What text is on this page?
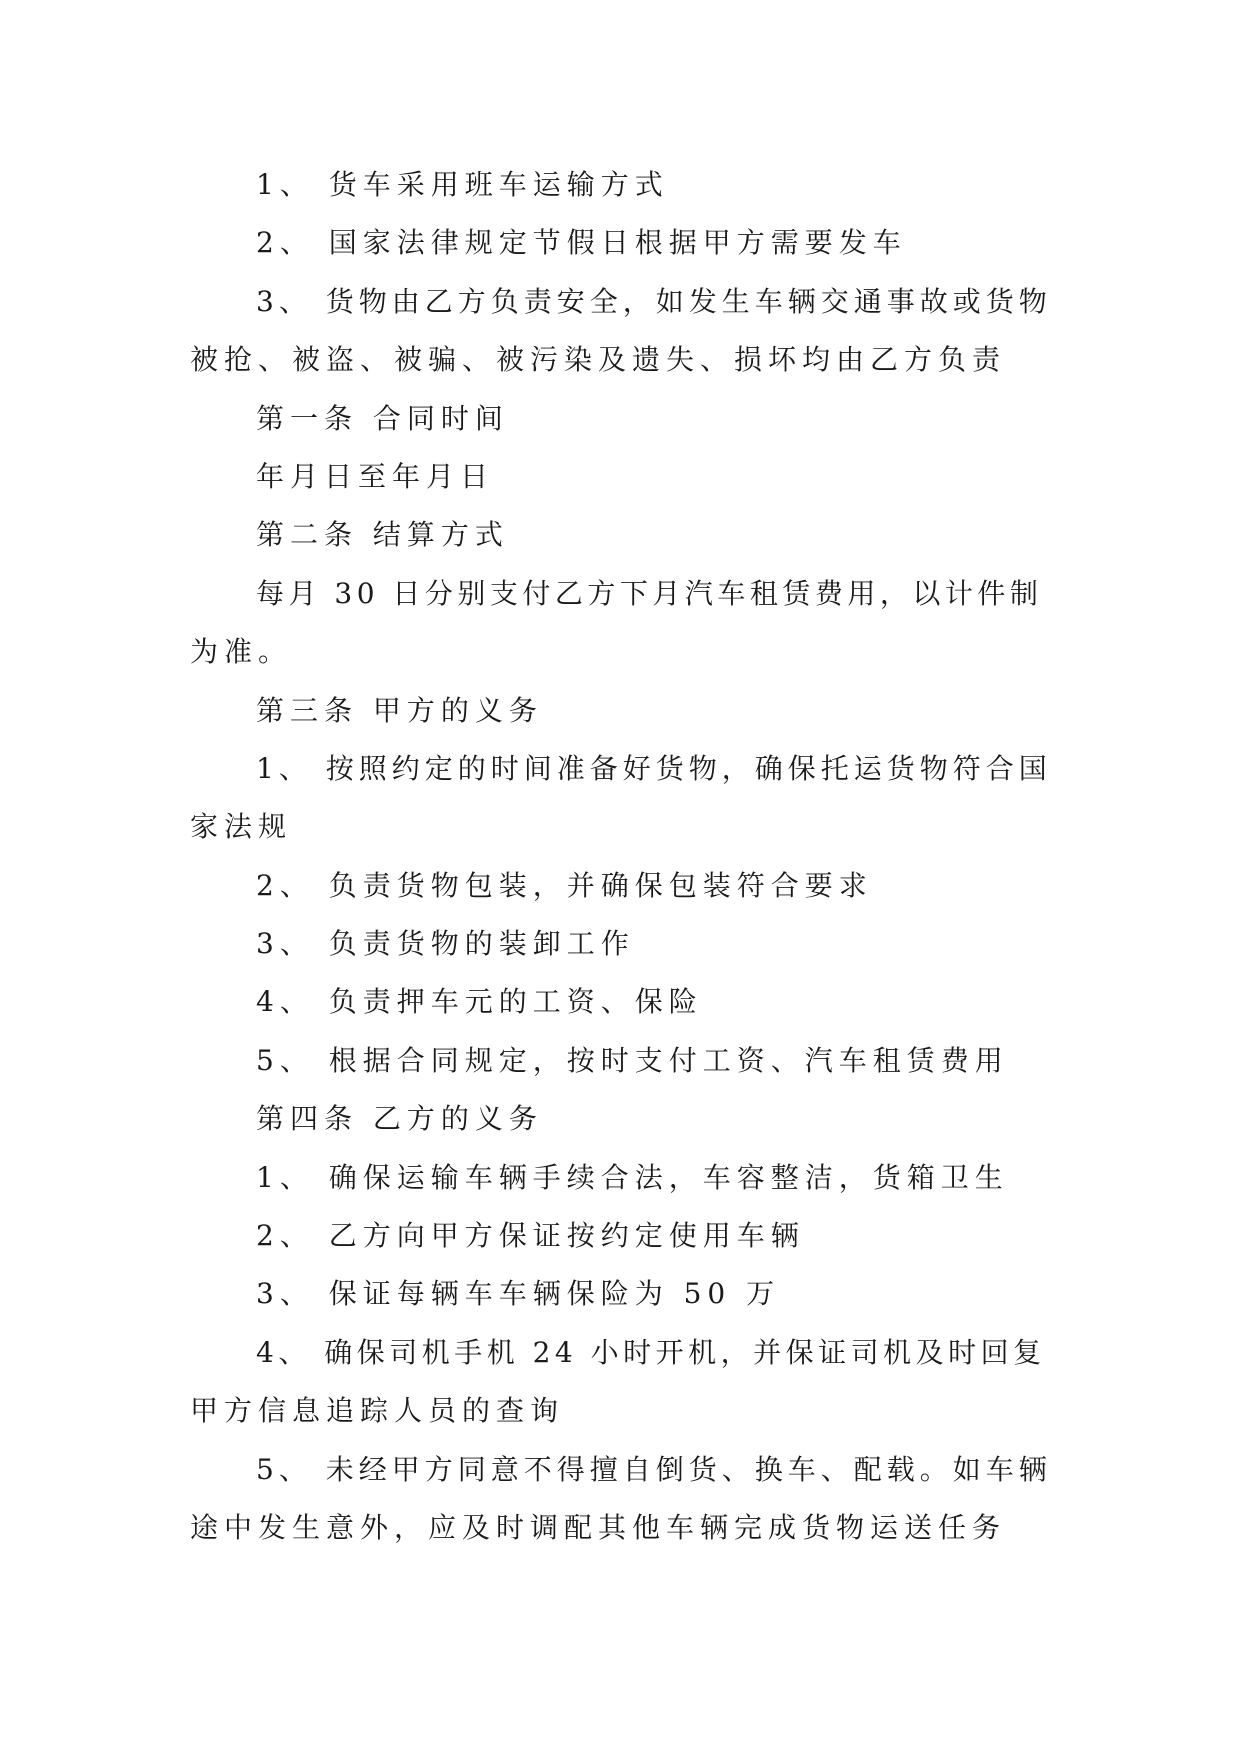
1、 货车采用班车运输方式

2、 国家法律规定节假日根据甲方需要发车

3、 货物由乙方负责安全，如发生车辆交通事故或货物

被抢、被盗、被骗、被污染及遗失、损坏均由乙方负责

第一条 合同时间

年月日至年月日

第二条 结算方式

每月 30 日分别支付乙方下月汽车租赁费用，以计件制

为准。

第三条 甲方的义务

1、 按照约定的时间准备好货物，确保托运货物符合国

家法规

2、 负责货物包装，并确保包装符合要求

3、 负责货物的装卸工作

4、 负责押车元的工资、保险

5、 根据合同规定，按时支付工资、汽车租赁费用

第四条 乙方的义务

1、 确保运输车辆手续合法，车容整洁，货箱卫生

2、 乙方向甲方保证按约定使用车辆

3、 保证每辆车车辆保险为 50 万

4、 确保司机手机 24 小时开机，并保证司机及时回复

甲方信息追踪人员的查询

5、 未经甲方同意不得擅自倒货、换车、配载。如车辆

途中发生意外，应及时调配其他车辆完成货物运送任务
